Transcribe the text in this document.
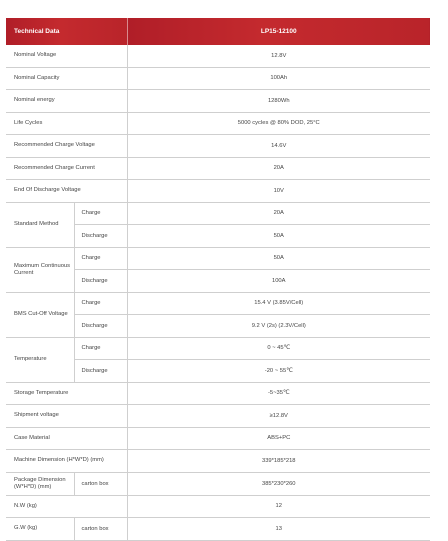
Technical Data		LP15-12100
Nominal Voltage		12.8V
Nominal Capacity		100Ah
Nominal energy		1280Wh
Life Cycles		5000 cycles @ 80% DOD, 25°C
Recommended Charge Voltage		14.6V
Recommended Charge Current		20A
End Of Discharge Voltage		10V
Standard Method	Charge	20A
	Discharge	50A
Maximum Continuous Current	Charge	50A
	Discharge	100A
BMS Cut-Off Voltage	Charge	15.4 V (3.85V/Cell)
	Discharge	9.2 V (2s) (2.3V/Cell)
Temperature	Charge	0 ~ 45℃
	Discharge	-20 ~ 55℃
Storage Temperature		-5~35℃
Shipment voltage		≥12.8V
Case Material		ABS+PC
Machine Dimension (H*W*D) (mm)		339*185*218
Package Dimension (W*H*D) (mm)	carton box	385*230*260
N.W (kg)		12
G.W (kg)	carton box	13
